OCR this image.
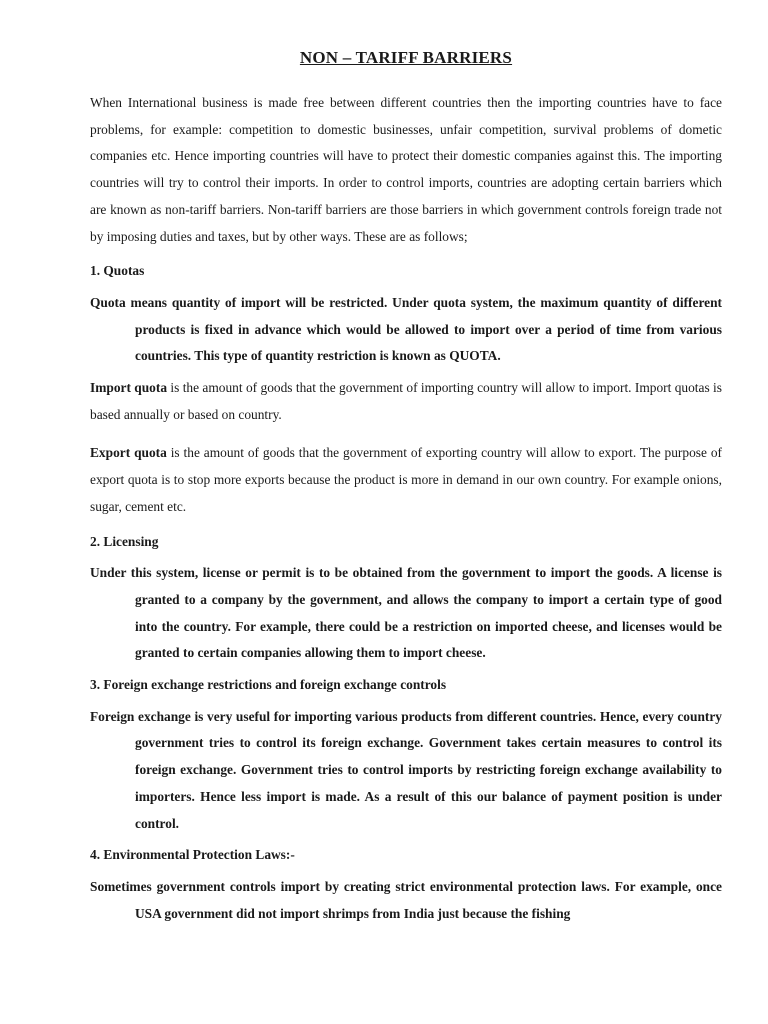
NON – TARIFF BARRIERS

When International business is made free between different countries then the importing countries have to face problems, for example: competition to domestic businesses, unfair competition, survival problems of dometic companies etc. Hence importing countries will have to protect their domestic companies against this. The importing countries will try to control their imports. In order to control imports, countries are adopting certain barriers which are known as non-tariff barriers. Non-tariff barriers are those barriers in which government controls foreign trade not by imposing duties and taxes, but by other ways. These are as follows;

1. Quotas

Quota means quantity of import will be restricted. Under quota system, the maximum quantity of different products is fixed in advance which would be allowed to import over a period of time from various countries. This type of quantity restriction is known as QUOTA.

Import quota is the amount of goods that the government of importing country will allow to import. Import quotas is based annually or based on country.

Export quota is the amount of goods that the government of exporting country will allow to export. The purpose of export quota is to stop more exports because the product is more in demand in our own country. For example onions, sugar, cement etc.

2. Licensing

Under this system, license or permit is to be obtained from the government to import the goods. A license is granted to a company by the government, and allows the company to import a certain type of good into the country. For example, there could be a restriction on imported cheese, and licenses would be granted to certain companies allowing them to import cheese.

3. Foreign exchange restrictions and foreign exchange controls

Foreign exchange is very useful for importing various products from different countries. Hence, every country government tries to control its foreign exchange. Government takes certain measures to control its foreign exchange. Government tries to control imports by restricting foreign exchange availability to importers. Hence less import is made. As a result of this our balance of payment position is under control.

4. Environmental Protection Laws:-

Sometimes government controls import by creating strict environmental protection laws. For example, once USA government did not import shrimps from India just because the fishing
